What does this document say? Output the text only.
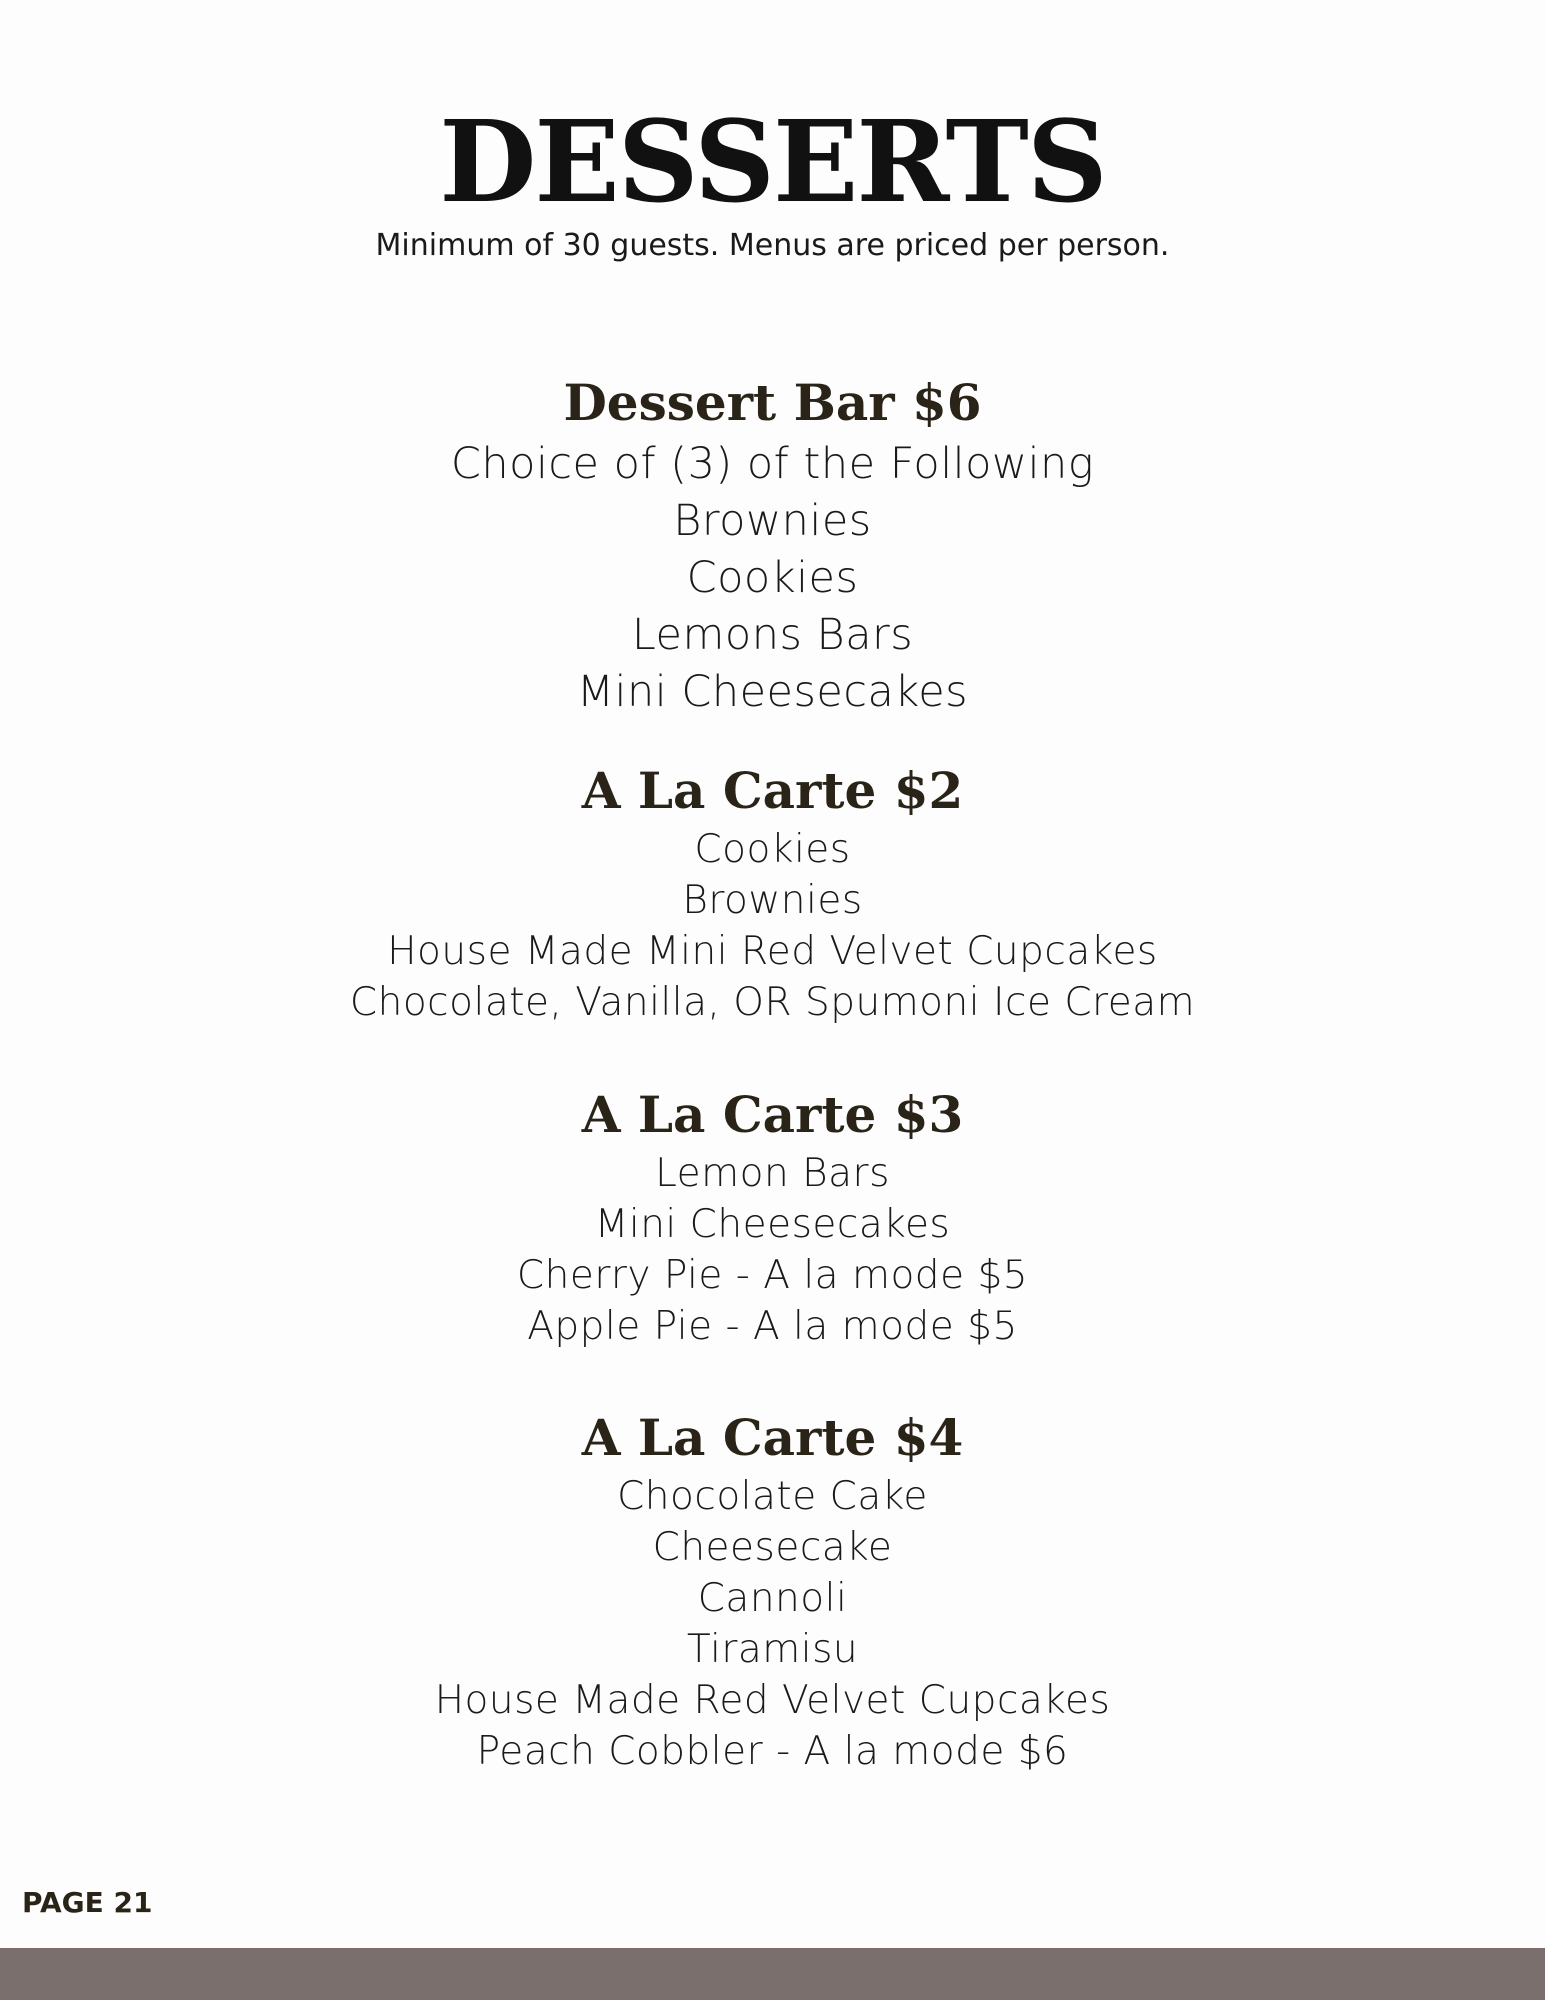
DESSERTS

Minimum of 30 guests. Menus are priced per person.

Dessert Bar $6

Choice of (3) of the Following

Brownies

Cookies

Lemons Bars

Mini Cheesecakes

A La Carte $2

Cookies

Brownies

House Made Mini Red Velvet Cupcakes

Chocolate, Vanilla, OR Spumoni Ice Cream

A La Carte $3

Lemon Bars

Mini Cheesecakes

Cherry Pie - A la mode $5

Apple Pie - A la mode $5

A La Carte $4

Chocolate Cake

Cheesecake

Cannoli

Tiramisu

House Made Red Velvet Cupcakes

Peach Cobbler - A la mode $6

PAGE 21
